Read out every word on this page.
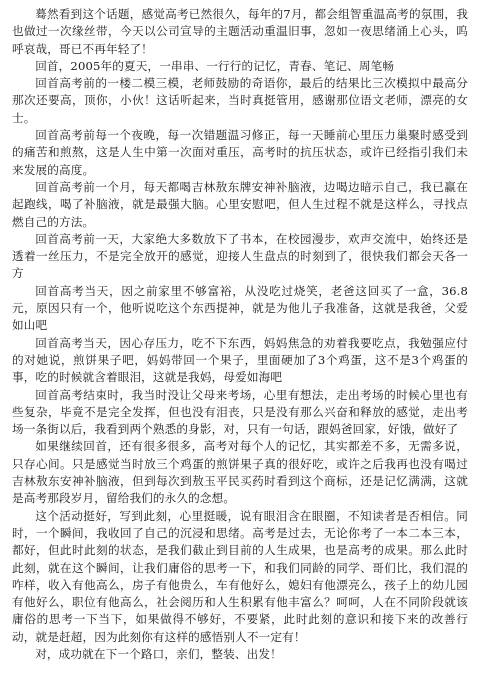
蓦然看到这个话题，感觉高考已然很久，每年的7月，都会组智重温高考的氛围，我也做过一次缘丝带，今天以公司宣导的主题活动重温旧事，忽如一夜思绪涌上心头，呜呼哀哉，哥已不再年轻了！

回首，2005年的夏天，一串串、一行行的记忆，青春、笔记、周笔畅

回首高考前的一楼二模三模，老师鼓励的奇语你，最后的结果比三次模拟中最高分那次还要高，顶你，小伙！这话听起来，当时真挺管用，感谢那位语文老师，漂亮的女士。

回首高考前每一个夜晚，每一次错题温习修正，每一天睡前心里压力巢聚时感受到的痛苦和煎熬，这是人生中第一次面对重压，高考时的抗压状态，或许已经指引我们未来发展的高度。

回首高考前一个月，每天都喝吉林敖东牌安神补脑液，边喝边暗示自己，我已赢在起跑线，喝了补脑液，就是最强大脑。心里安慰吧，但人生过程不就是这样么，寻找点燃自己的方法。

回首高考前一天，大家绝大多数放下了书本，在校园漫步，欢声交流中，始终还是透着一丝压力，不是完全放开的感觉，迎接人生盘点的时刻到了，很快我们都会天各一方

回首高考当天，因之前家里不够富裕，从没吃过烧笑，老爸这回买了一盒，36.8元，原因只有一个，他听说吃这个东西提神，就是为他儿子我准备，这就是我爸，父爱如山吧

回首高考当天，因心存压力，吃不下东西，妈妈焦急的劝着我要吃点，我勉强应付的对她说，煎饼果子吧，妈妈带回一个果子，里面硬加了3个鸡蛋，这不是3个鸡蛋的事，吃的时候就含着眼泪，这就是我妈，母爱如海吧

回首高考结束时，我当时没让父母来考场，心里有想法，走出考场的时候心里也有些复杂，毕竟不是完全发挥，但也没有泪丧，只是没有那么兴奋和释放的感觉，走出考场一条街以后，我看到两个熟悉的身影，对，只有一句话，跟妈爸回家，好饿，做好了

如果继续回首，还有很多很多，高考对每个人的记忆，其实都差不多，无需多说，只存心间。只是感觉当时放三个鸡蛋的煎饼果子真的很好吃，或许之后我再也没有喝过吉林敖东安神补脑液，但到每次到敖玉平民买药时看到这个商标，还是记忆满满，这就是高考那段岁月，留给我们的永久的念想。

这个活动挺好，写到此刻，心里挺暖，说有眼泪含在眼圈，不知读者是否相信。同时，一个瞬间，我收回了自己的沉浸和思绪。高考是过去，无论你考了一本二本三本，都好，但此时此刻的状态，是我们截止到目前的人生成果，也是高考的成果。那么此时此刻，就在这个瞬间，让我们庸俗的思考一下，和我们同龄的同学、哥们比，我们混的咋样，收入有他高么，房子有他贵么，车有他好么，媳妇有他漂亮么，孩子上的幼儿园有他好么，职位有他高么，社会阅历和人生积累有他丰富么？呵呵，人在不同阶段就该庸俗的思考一下当下，如果做得不够好，不要紧，此时此刻的意识和接下来的改善行动，就是赶超，因为此刻你有这样的感悟别人不一定有！

对，成功就在下一个路口，亲们，整装、出发！
